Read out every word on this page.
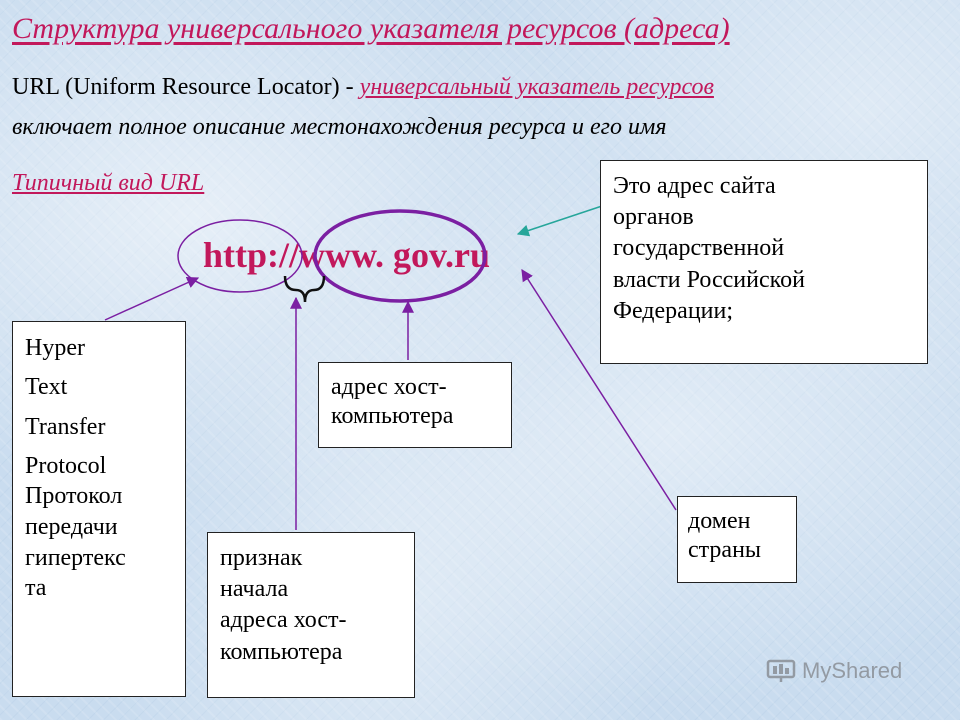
Структура универсального указателя ресурсов (адреса)
URL (Uniform Resource Locator) - универсальный указатель ресурсов
включает полное описание местонахождения ресурса и его имя
Типичный вид URL
http://www. gov.ru

Hyper

Text

Transfer

Protocol

Протокол
передачи
гипертекс
та
адрес хост-
компьютера
признак
начала
адреса хост-
компьютера
домен
страны
Это адрес сайта
органов
государственной
власти Российской
Федерации;
MyShared
